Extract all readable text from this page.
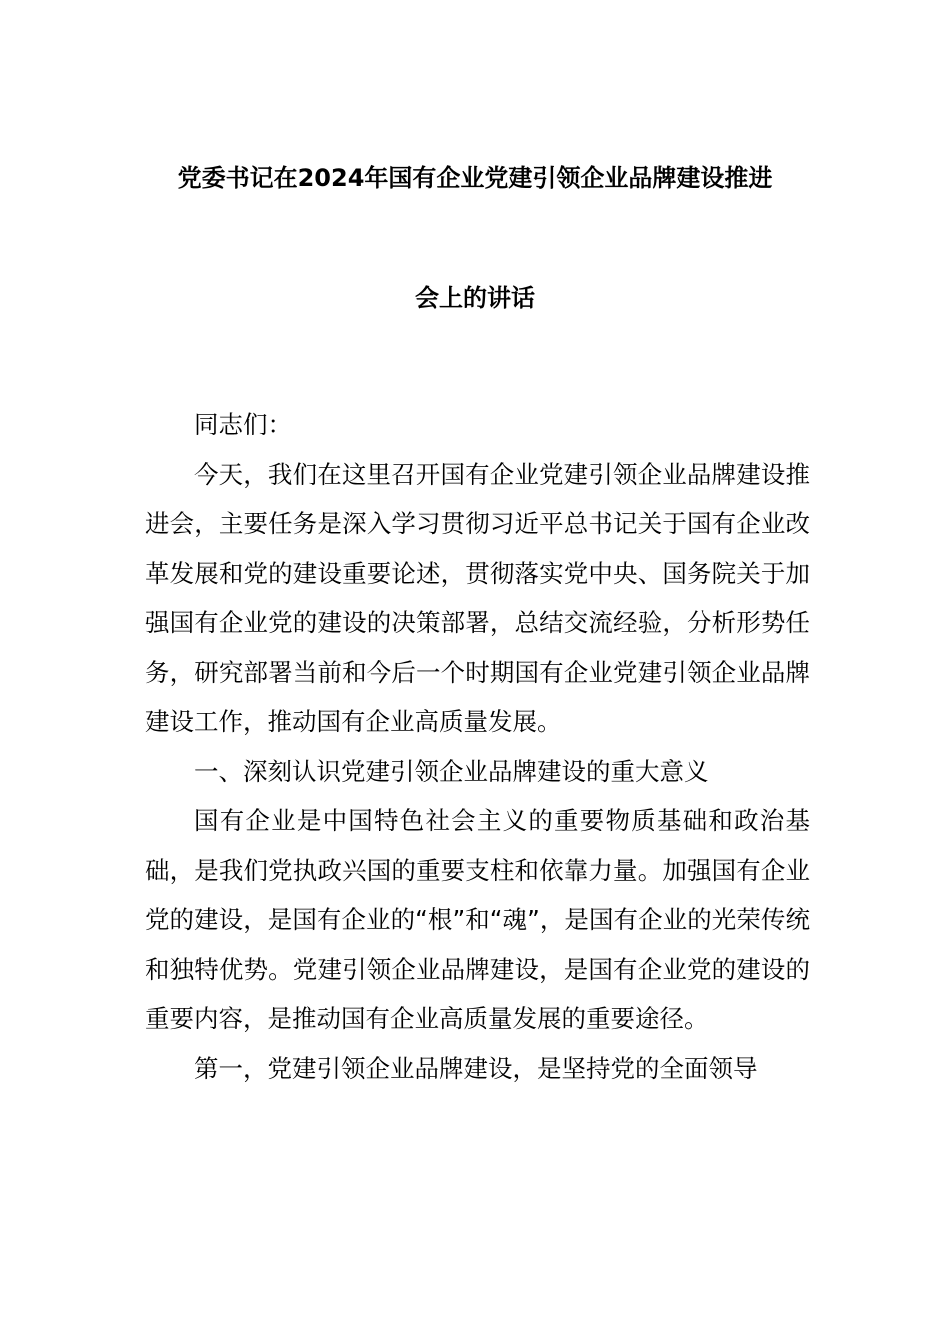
党委书记在2024年国有企业党建引领企业品牌建设推进
会上的讲话

同志们：

今天，我们在这里召开国有企业党建引领企业品牌建设推进会，主要任务是深入学习贯彻习近平总书记关于国有企业改革发展和党的建设重要论述，贯彻落实党中央、国务院关于加强国有企业党的建设的决策部署，总结交流经验，分析形势任务，研究部署当前和今后一个时期国有企业党建引领企业品牌建设工作，推动国有企业高质量发展。

一、深刻认识党建引领企业品牌建设的重大意义

国有企业是中国特色社会主义的重要物质基础和政治基础，是我们党执政兴国的重要支柱和依靠力量。加强国有企业党的建设，是国有企业的“根”和“魂”，是国有企业的光荣传统和独特优势。党建引领企业品牌建设，是国有企业党的建设的重要内容，是推动国有企业高质量发展的重要途径。

第一，党建引领企业品牌建设，是坚持党的全面领导
